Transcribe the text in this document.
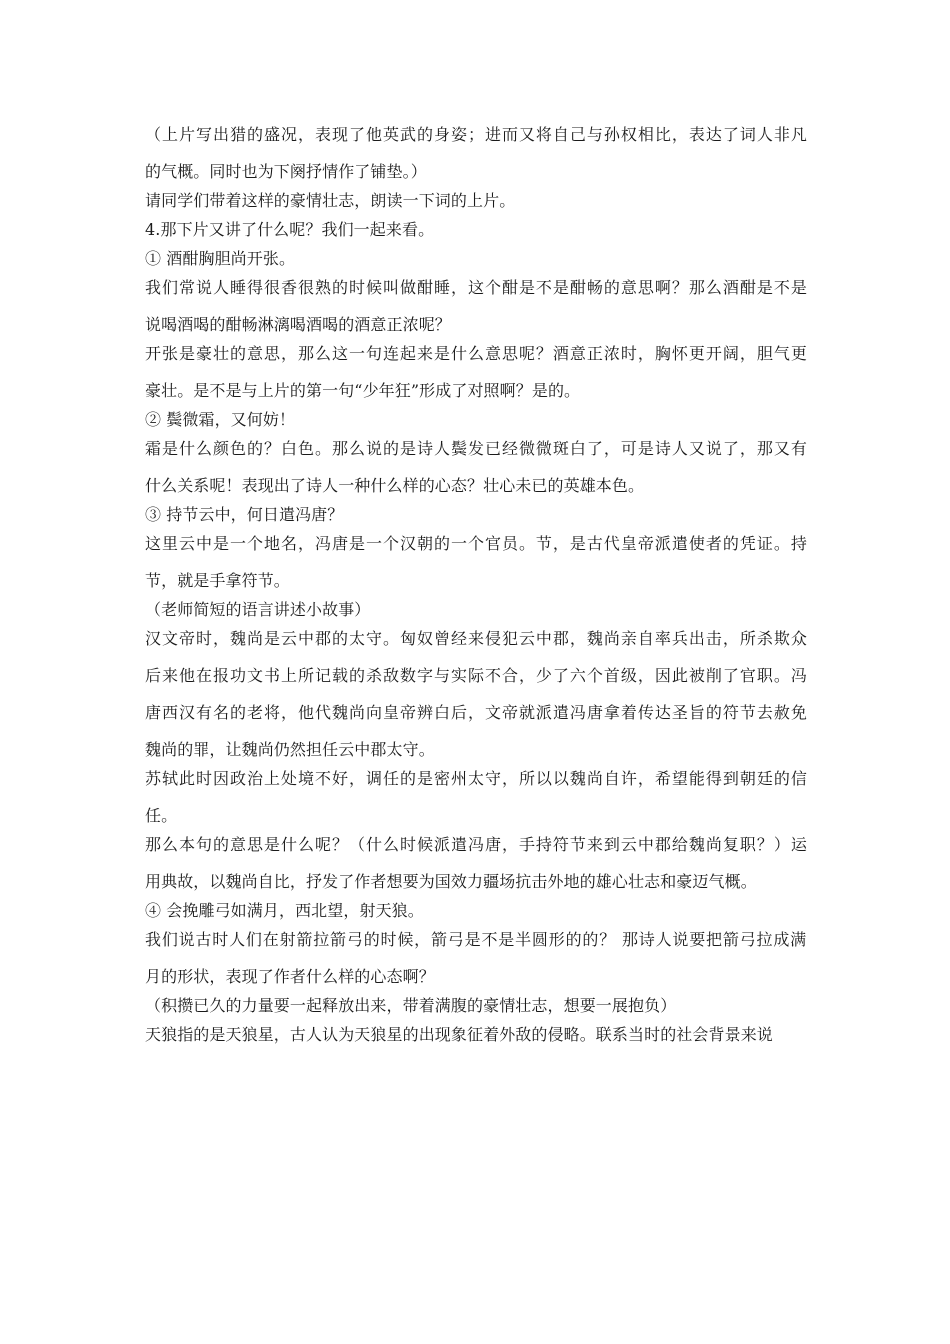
（上片写出猎的盛况，表现了他英武的身姿；进而又将自己与孙权相比，表达了词人非凡
的气概。同时也为下阕抒情作了铺垫。）
请同学们带着这样的豪情壮志，朗读一下词的上片。
4.那下片又讲了什么呢？我们一起来看。
① 酒酣胸胆尚开张。
我们常说人睡得很香很熟的时候叫做酣睡，这个酣是不是酣畅的意思啊？那么酒酣是不是
说喝酒喝的酣畅淋漓喝酒喝的酒意正浓呢？
开张是豪壮的意思，那么这一句连起来是什么意思呢？酒意正浓时，胸怀更开阔，胆气更
豪壮。是不是与上片的第一句“少年狂”形成了对照啊？是的。
② 鬓微霜，又何妨！
霜是什么颜色的？白色。那么说的是诗人鬓发已经微微斑白了，可是诗人又说了，那又有
什么关系呢！表现出了诗人一种什么样的心态？壮心未已的英雄本色。
③ 持节云中，何日遣冯唐？
这里云中是一个地名，冯唐是一个汉朝的一个官员。节，是古代皇帝派遣使者的凭证。持
节，就是手拿符节。
（老师简短的语言讲述小故事）
汉文帝时，魏尚是云中郡的太守。匈奴曾经来侵犯云中郡，魏尚亲自率兵出击，所杀欺众
后来他在报功文书上所记载的杀敌数字与实际不合，少了六个首级，因此被削了官职。冯
唐西汉有名的老将，他代魏尚向皇帝辨白后，文帝就派遣冯唐拿着传达圣旨的符节去赦免
魏尚的罪，让魏尚仍然担任云中郡太守。
苏轼此时因政治上处境不好，调任的是密州太守，所以以魏尚自许，希望能得到朝廷的信
任。
那么本句的意思是什么呢？（什么时候派遣冯唐，手持符节来到云中郡给魏尚复职？）运
用典故，以魏尚自比，抒发了作者想要为国效力疆场抗击外地的雄心壮志和豪迈气概。
④ 会挽雕弓如满月，西北望，射天狼。
我们说古时人们在射箭拉箭弓的时候，箭弓是不是半圆形的的？ 那诗人说要把箭弓拉成满
月的形状，表现了作者什么样的心态啊？
（积攒已久的力量要一起释放出来，带着满腹的豪情壮志，想要一展抱负）
天狼指的是天狼星，古人认为天狼星的出现象征着外敌的侵略。联系当时的社会背景来说
